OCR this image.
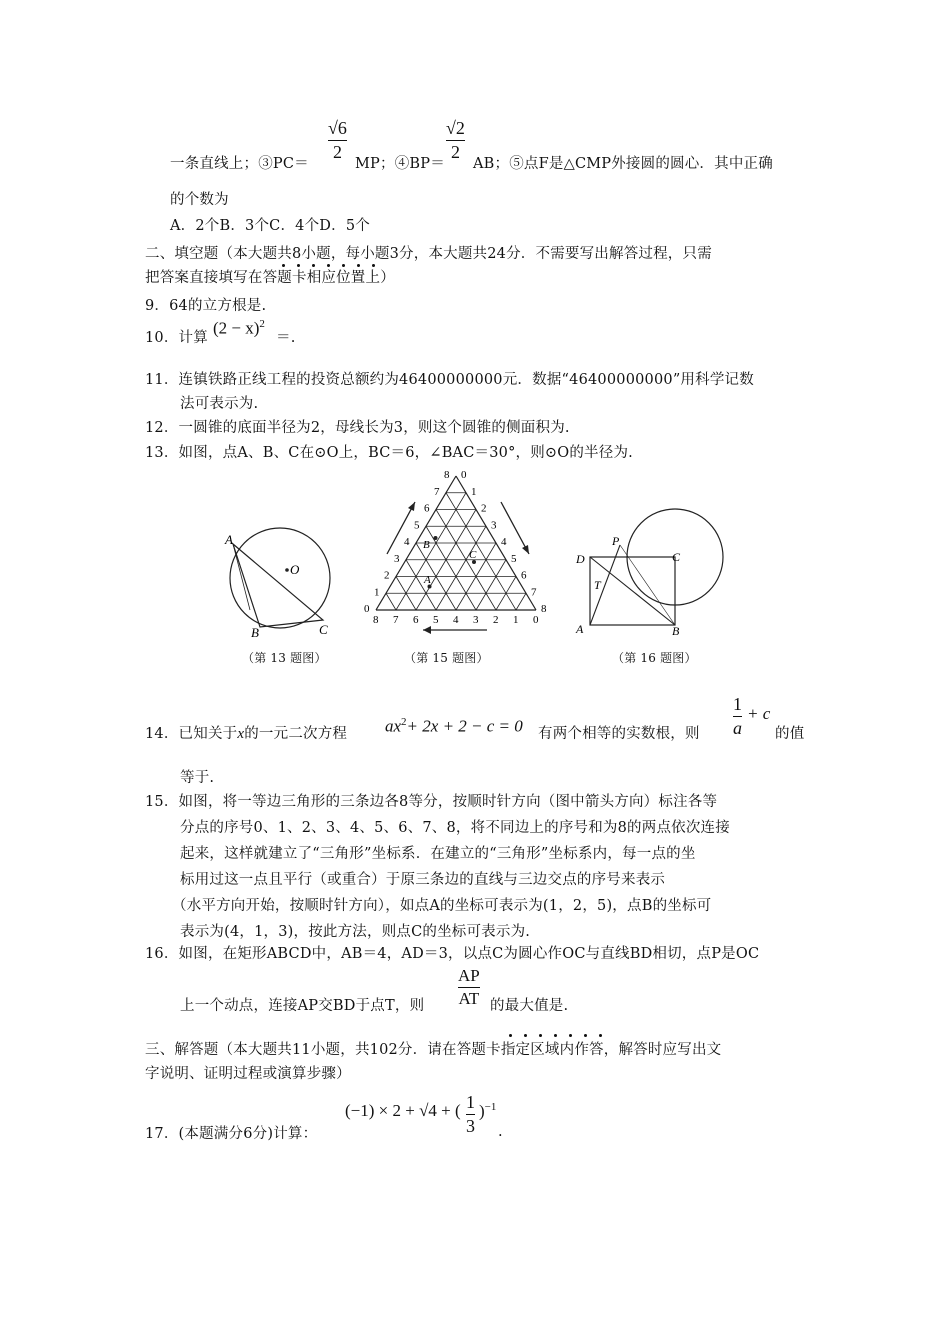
√6
2
√2
2
一条直线上；③PC＝	MP；④BP＝ AB；⑤点F是△CMP外接圆的圆心．其中正确
的个数为
A．2个B．3个C．4个D．5个
二、填空题（本大题共8小题，每小题3分，本大题共24分．不需要写出解答过程，只需
把答案直接填写在答题卡相应位置上）
9．64的立方根是.
10．计算
$(2 - x)^2$
＝.
11．连镇铁路正线工程的投资总额约为46400000000元．数据“46400000000”用科学记数
法可表示为.
12．一圆锥的底面半径为2，母线长为3，则这个圆锥的侧面积为.
13．如图，点A、B、C在⊙O上，BC＝6，∠BAC＝30°，则⊙O的半径为.
A
B	C
O
（第 13 题图）
0
1
2
3
4
5
6
7
8 0
1
2
3
4
5
6
7
8
8 7 6 5 4 3 2 1 0
A
B
C
（第 15 题图）
D
P
C
T
A	B
（第 16 题图）
14．已知关于x的一元二次方程 $ax^2+ 2x + 2 - c = 0$ 有两个相等的实数根，则
1
a
+ c
的值
等于.
15．如图，将一等边三角形的三条边各8等分，按顺时针方向（图中箭头方向）标注各等
分点的序号0、1、2、3、4、5、6、7、8，将不同边上的序号和为8的两点依次连接
起来，这样就建立了“三角形”坐标系．在建立的“三角形”坐标系内，每一点的坐
标用过这一点且平行（或重合）于原三条边的直线与三边交点的序号来表示
（水平方向开始，按顺时针方向），如点A的坐标可表示为(1，2，5)，点B的坐标可
表示为(4，1，3)，按此方法，则点C的坐标可表示为.
16．如图，在矩形ABCD中，AB＝4，AD＝3，以点C为圆心作OC与直线BD相切，点P是OC
AP
AT
上一个动点，连接AP交BD于点T，则	的最大值是.
三、解答题（本大题共11小题，共102分．请在答题卡指定区域内作答，解答时应写出文
字说明、证明过程或演算步骤）
17．(本题满分6分)计算：
(−1) × 2 + √4 + ( 1
3
)$^{-1}$
.
